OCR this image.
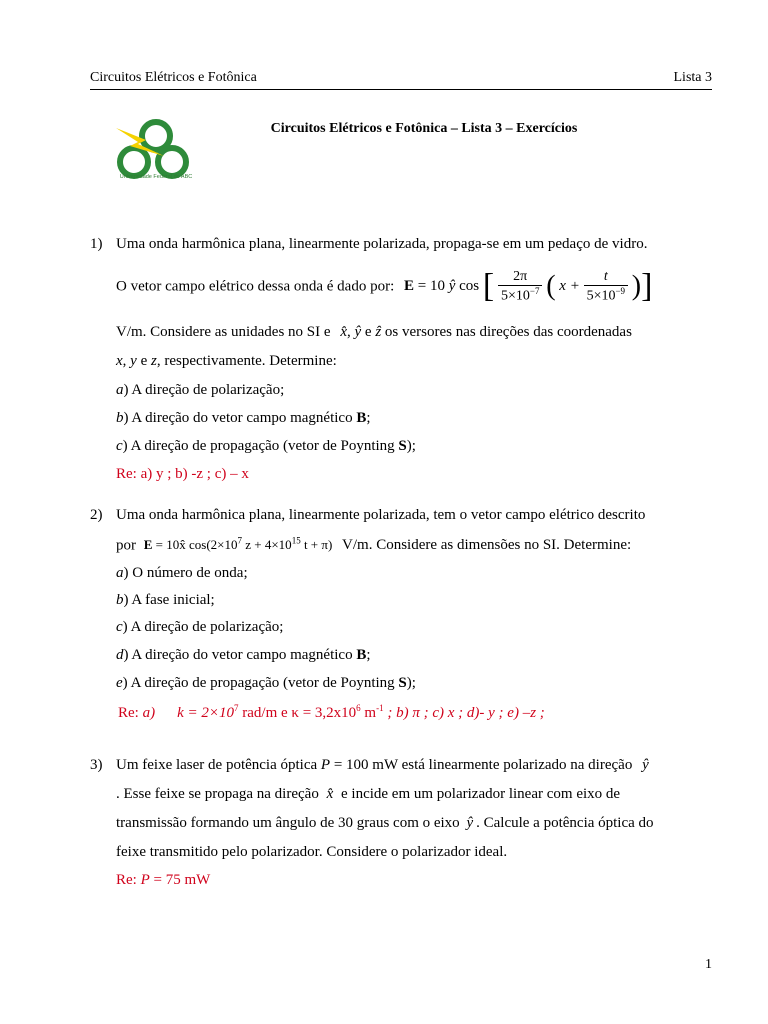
Circuitos Elétricos e Fotônica	Lista 3
Universidade Federal do ABC
Circuitos Elétricos e Fotônica – Lista 3 – Exercícios
1) Uma onda harmônica plana, linearmente polarizada, propaga-se em um pedaço de vidro.
O vetor campo elétrico dessa onda é dado por: E = 10 ŷ cos [ $\frac{2\pi}{5\times 10^{-7}}$ ( $x + \frac{t}{5\times 10^{-9}}$ )]
V/m. Considere as unidades no SI e x̂, ŷ e ẑ os versores nas direções das coordenadas
x, y e z, respectivamente. Determine:
a) A direção de polarização;
b) A direção do vetor campo magnético B;
c) A direção de propagação (vetor de Poynting S);
Re: a) y ; b) -z ; c) – x
2) Uma onda harmônica plana, linearmente polarizada, tem o vetor campo elétrico descrito
por E = 10x̂ $\cos(2\times 10^7$ $z + 4\times 10^{15}$ t + π) V/m. Considere as dimensões no SI. Determine:
a) O número de onda;
b) A fase inicial;
c) A direção de polarização;
d) A direção do vetor campo magnético B;
e) A direção de propagação (vetor de Poynting S);
Re: a) $k = 2\times 10^7$ rad/m e $\kappa = 3,2x10^6$ $m^{-1}$ ; b) π ; c) x ; d)- y ; e) –z ;
3) Um feixe laser de potência óptica P = 100 mW está linearmente polarizado na direção ŷ
. Esse feixe se propaga na direção x̂ e incide em um polarizador linear com eixo de
transmissão formando um ângulo de 30 graus com o eixo ŷ . Calcule a potência óptica do
feixe transmitido pelo polarizador. Considere o polarizador ideal.
Re: P = 75 mW
1
